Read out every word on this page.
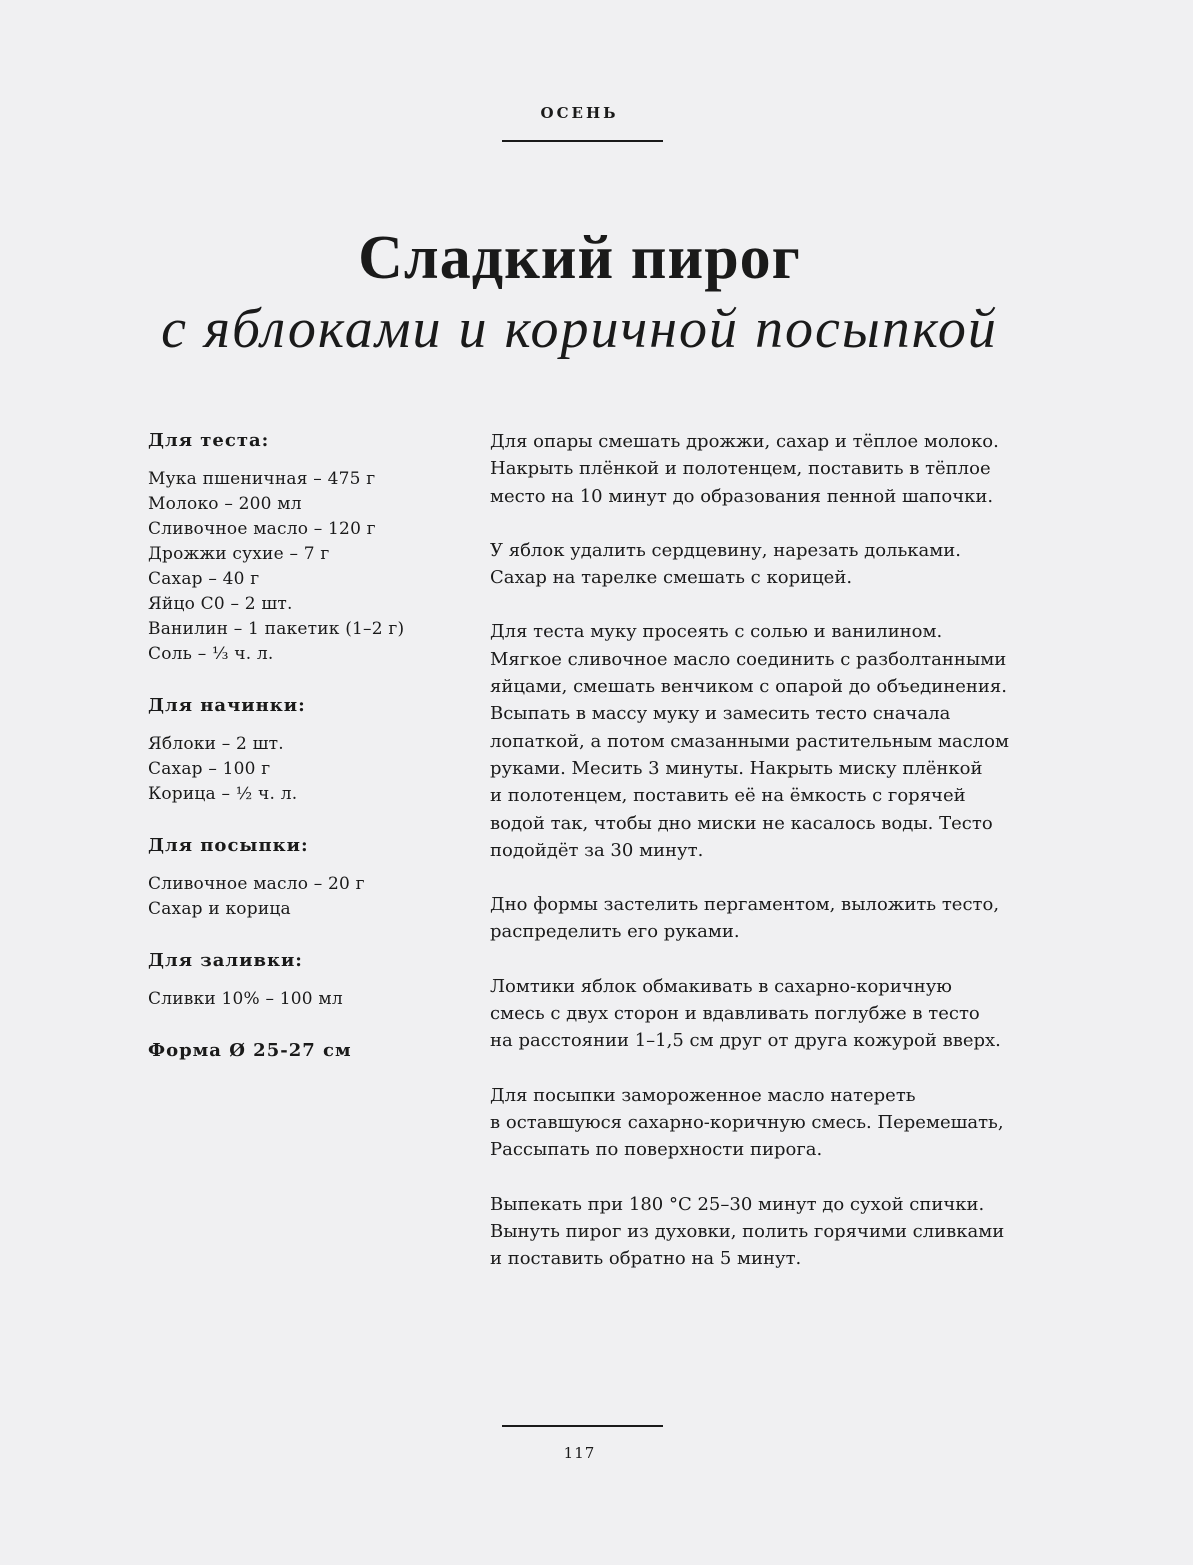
ОСЕНЬ
Сладкий пирог
с яблоками и коричной посыпкой
Для теста:
Мука пшеничная – 475 г
Молоко – 200 мл
Сливочное масло – 120 г
Дрожжи сухие – 7 г
Сахар – 40 г
Яйцо С0 – 2 шт.
Ванилин – 1 пакетик (1–2 г)
Соль – ⅓ ч. л.
Для начинки:
Яблоки – 2 шт.
Сахар – 100 г
Корица – ½ ч. л.
Для посыпки:
Сливочное масло – 20 г
Сахар и корица
Для заливки:
Сливки 10% – 100 мл
Форма Ø 25-27 см
Для опары смешать дрожжи, сахар и тёплое молоко.
Накрыть плёнкой и полотенцем, поставить в тёплое
место на 10 минут до образования пенной шапочки.
У яблок удалить сердцевину, нарезать дольками.
Сахар на тарелке смешать с корицей.
Для теста муку просеять с солью и ванилином.
Мягкое сливочное масло соединить с разболтанными
яйцами, смешать венчиком с опарой до объединения.
Всыпать в массу муку и замесить тесто сначала
лопаткой, а потом смазанными растительным маслом
руками. Месить 3 минуты. Накрыть миску плёнкой
и полотенцем, поставить её на ёмкость с горячей
водой так, чтобы дно миски не касалось воды. Тесто
подойдёт за 30 минут.
Дно формы застелить пергаментом, выложить тесто,
распределить его руками.
Ломтики яблок обмакивать в сахарно-коричную
смесь с двух сторон и вдавливать поглубже в тесто
на расстоянии 1–1,5 см друг от друга кожурой вверх.
Для посыпки замороженное масло натереть
в оставшуюся сахарно-коричную смесь. Перемешать,
Рассыпать по поверхности пирога.
Выпекать при 180 °С 25–30 минут до сухой спички.
Вынуть пирог из духовки, полить горячими сливками
и поставить обратно на 5 минут.
117
